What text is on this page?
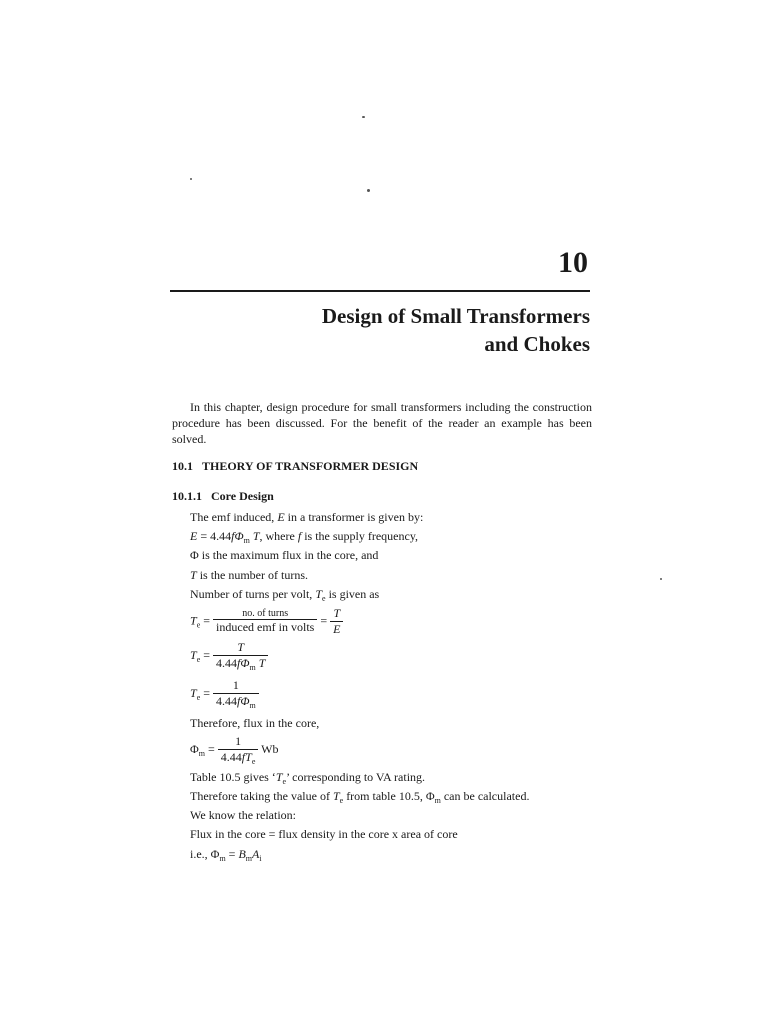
10
Design of Small Transformers
and Chokes
In this chapter, design procedure for small transformers including the construction procedure has been discussed. For the benefit of the reader an example has been solved.
10.1 THEORY OF TRANSFORMER DESIGN
10.1.1 Core Design
The emf induced, E in a transformer is given by:
$E = 4.44f\Phi_m$ T, where f is the supply frequency,
Φ is the maximum flux in the core, and
T is the number of turns.
Number of turns per volt, $T_e$ is given as
$T_e = \frac{\text{no. of turns}}{\text{induced emf in volts}} = \frac{T}{E}$
$T_e = \frac{T}{4.44f\Phi_m T}$
$T_e = \frac{1}{4.44f\Phi_m}$
Therefore, flux in the core,
$\Phi_m = \frac{1}{4.44fT_e}$ Wb
Table 10.5 gives ‘$T_e$’ corresponding to VA rating.
Therefore taking the value of $T_e$ from table 10.5, $\Phi_m$ can be calculated.
We know the relation:
Flux in the core = flux density in the core x area of core
i.e., $\Phi_m = B_mA_i$
